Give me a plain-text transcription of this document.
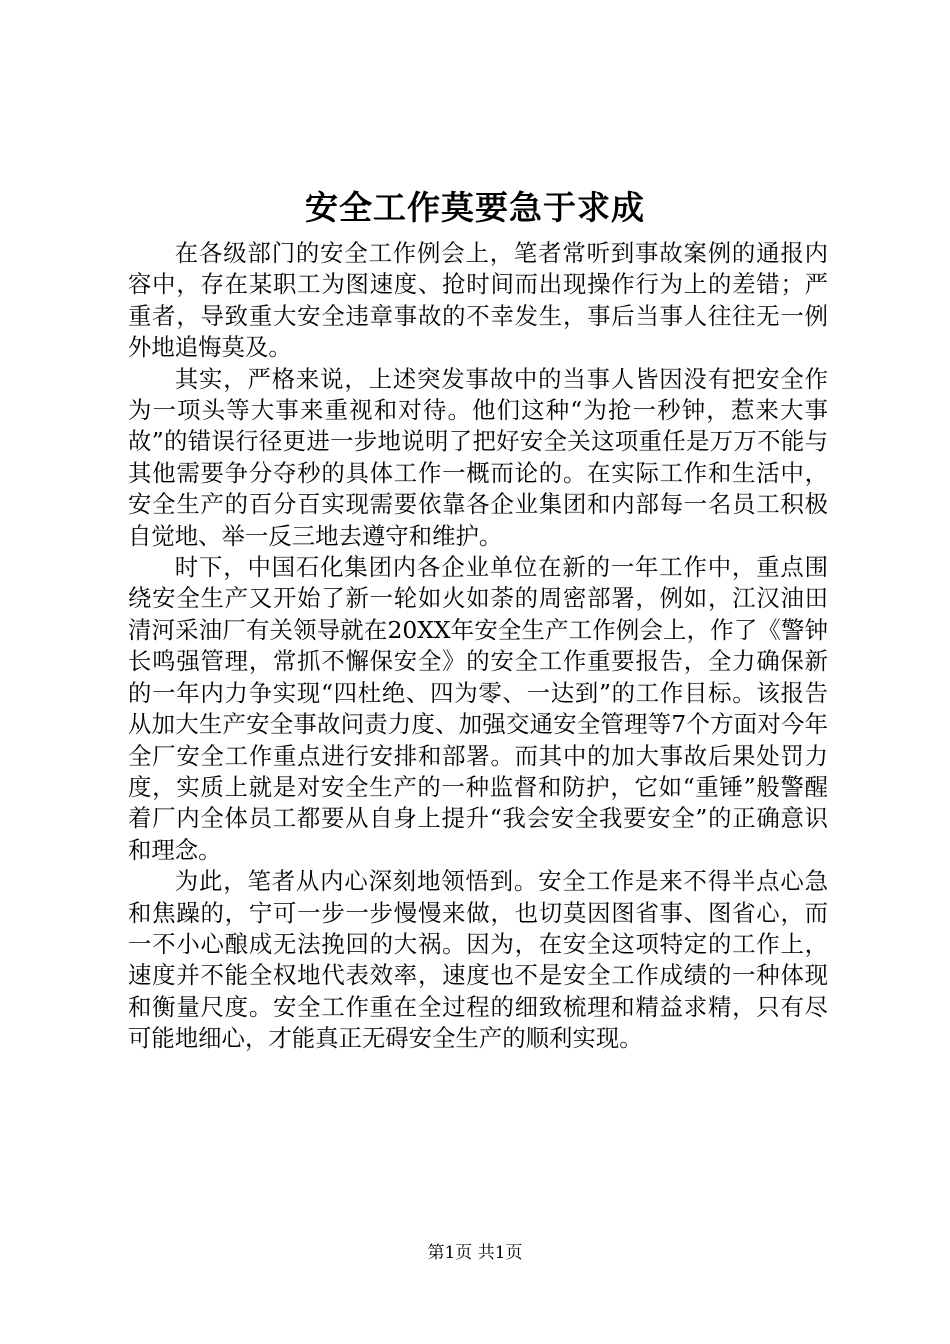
安全工作莫要急于求成

在各级部门的安全工作例会上，笔者常听到事故案例的通报内容中，存在某职工为图速度、抢时间而出现操作行为上的差错；严重者，导致重大安全违章事故的不幸发生，事后当事人往往无一例外地追悔莫及。

其实，严格来说，上述突发事故中的当事人皆因没有把安全作为一项头等大事来重视和对待。他们这种“为抢一秒钟，惹来大事故”的错误行径更进一步地说明了把好安全关这项重任是万万不能与其他需要争分夺秒的具体工作一概而论的。在实际工作和生活中，安全生产的百分百实现需要依靠各企业集团和内部每一名员工积极自觉地、举一反三地去遵守和维护。

时下，中国石化集团内各企业单位在新的一年工作中，重点围绕安全生产又开始了新一轮如火如荼的周密部署，例如，江汉油田清河采油厂有关领导就在20XX年安全生产工作例会上，作了《警钟长鸣强管理，常抓不懈保安全》的安全工作重要报告，全力确保新的一年内力争实现“四杜绝、四为零、一达到”的工作目标。该报告从加大生产安全事故问责力度、加强交通安全管理等7个方面对今年全厂安全工作重点进行安排和部署。而其中的加大事故后果处罚力度，实质上就是对安全生产的一种监督和防护，它如“重锤”般警醒着厂内全体员工都要从自身上提升“我会安全我要安全”的正确意识和理念。

为此，笔者从内心深刻地领悟到。安全工作是来不得半点心急和焦躁的，宁可一步一步慢慢来做，也切莫因图省事、图省心，而一不小心酿成无法挽回的大祸。因为，在安全这项特定的工作上，速度并不能全权地代表效率，速度也不是安全工作成绩的一种体现和衡量尺度。安全工作重在全过程的细致梳理和精益求精，只有尽可能地细心，才能真正无碍安全生产的顺利实现。

第1页 共1页
